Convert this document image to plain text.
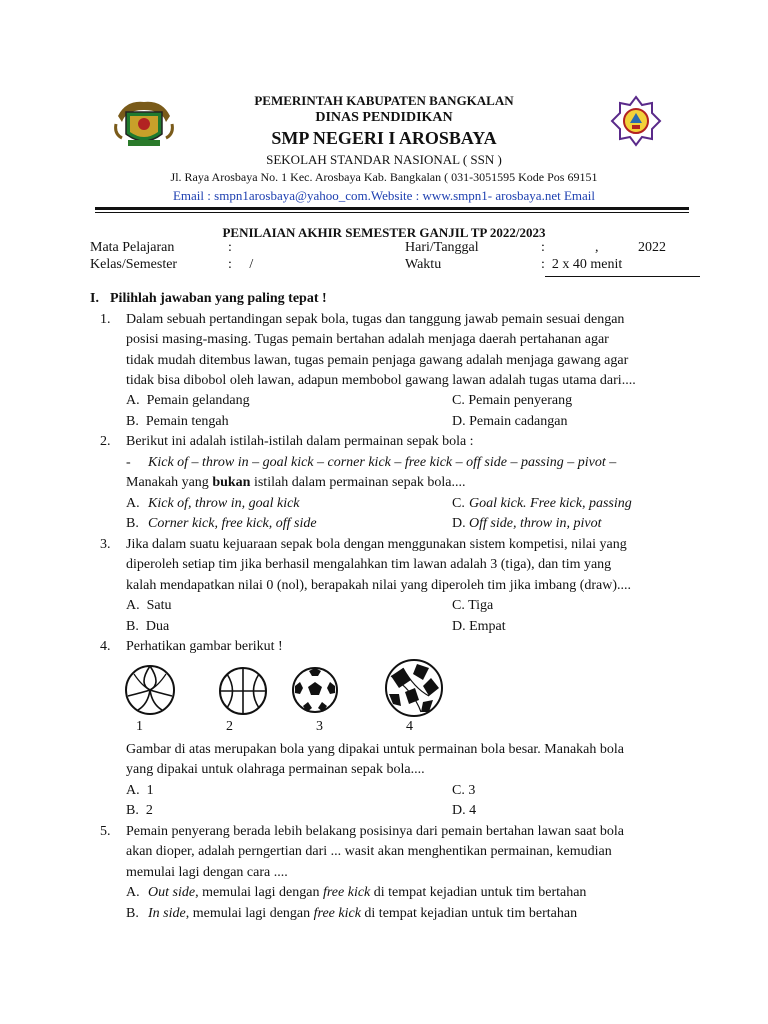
PEMERINTAH KABUPATEN BANGKALAN
DINAS PENDIDIKAN
SMP NEGERI I AROSBAYA
SEKOLAH STANDAR NASIONAL ( SSN )
Jl. Raya Arosbaya No. 1 Kec. Arosbaya Kab. Bangkalan ( 031-3051595 Kode Pos 69151
Email : smpn1arosbaya@yahoo_com.Website : www.smpn1- arosbaya.net Email
PENILAIAN AKHIR SEMESTER GANJIL TP 2022/2023
Mata Pelajaran	:	Hari/Tanggal	:	,	2022
Kelas/Semester	:     /	Waktu	:  2 x 40 menit
I. Pilihlah jawaban yang paling tepat !
1. Dalam sebuah pertandingan sepak bola, tugas dan tanggung jawab pemain sesuai dengan
posisi masing-masing. Tugas pemain bertahan adalah menjaga daerah pertahanan agar
tidak mudah ditembus lawan, tugas pemain penjaga gawang adalah menjaga gawang agar
tidak bisa dibobol oleh lawan, adapun membobol gawang lawan adalah tugas utama dari....
A.  Pemain gelandang	C. Pemain penyerang
B.  Pemain tengah	D. Pemain cadangan
2. Berikut ini adalah istilah-istilah dalam permainan sepak bola :
- Kick of – throw in – goal kick – corner kick – free kick – off side – passing – pivot –
Manakah yang bukan istilah dalam permainan sepak bola....
A. Kick of, throw in, goal kick	C. Goal kick. Free kick, passing
B. Corner kick, free kick, off side	D. Off side, throw in, pivot
3. Jika dalam suatu kejuaraan sepak bola dengan menggunakan sistem kompetisi, nilai yang
diperoleh setiap tim jika berhasil mengalahkan tim lawan adalah 3 (tiga), dan tim yang
kalah mendapatkan nilai 0 (nol), berapakah nilai yang diperoleh tim jika imbang (draw)....
A.  Satu	C. Tiga
B.  Dua	D. Empat
4. Perhatikan gambar berikut !
1	2	3	4
Gambar di atas merupakan bola yang dipakai untuk permainan bola besar. Manakah bola
yang dipakai untuk olahraga permainan sepak bola....
A.  1	C. 3
B.  2	D. 4
5. Pemain penyerang berada lebih belakang posisinya dari pemain bertahan lawan saat bola
akan dioper, adalah perngertian dari ... wasit akan menghentikan permainan, kemudian
memulai lagi dengan cara ....
A. Out side, memulai lagi dengan free kick di tempat kejadian untuk tim bertahan
B. In side, memulai lagi dengan free kick di tempat kejadian untuk tim bertahan
